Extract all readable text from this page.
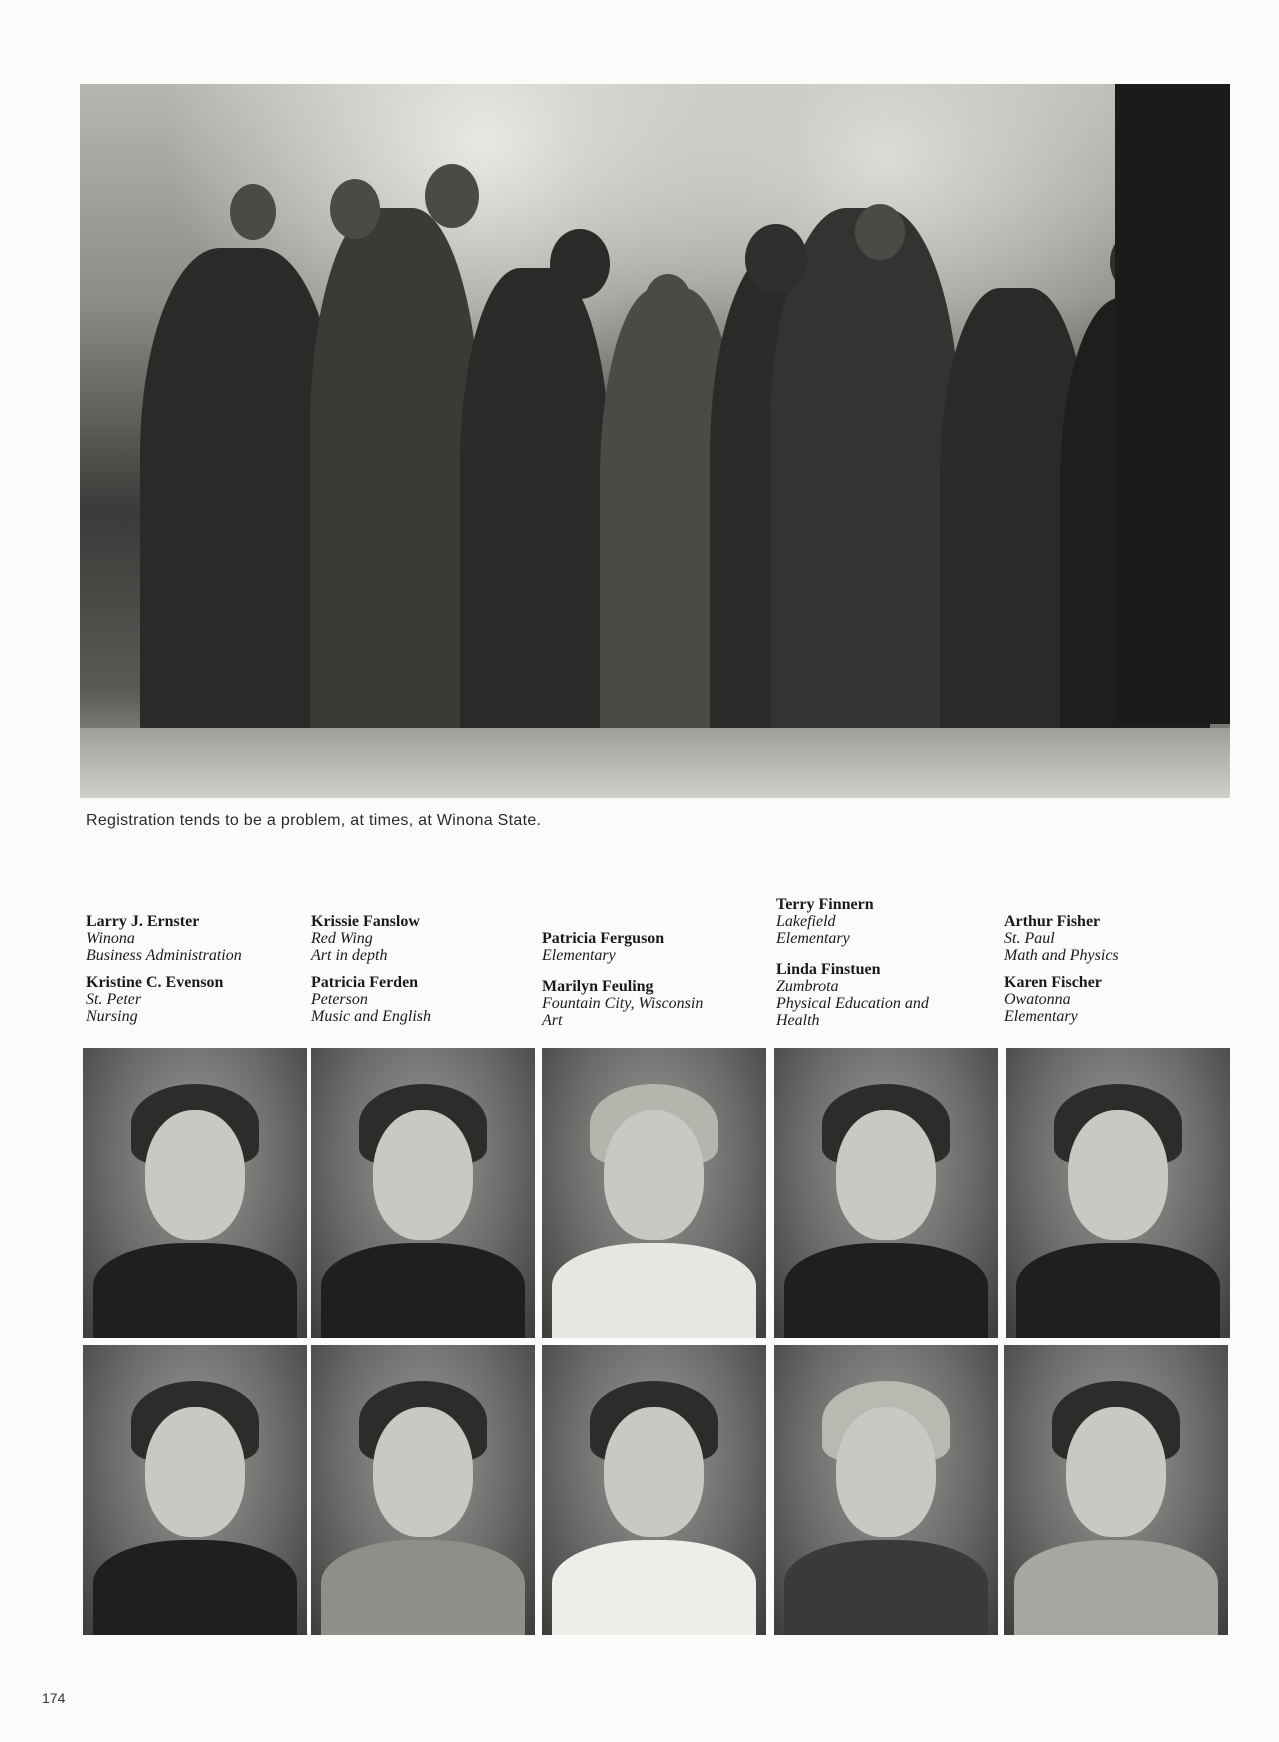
Registration tends to be a problem, at times, at Winona State.
Larry J. Ernster
Winona
Business Administration
Kristine C. Evenson
St. Peter
Nursing
Krissie Fanslow
Red Wing
Art in depth
Patricia Ferden
Peterson
Music and English
Patricia Ferguson
Elementary
Marilyn Feuling
Fountain City, Wisconsin
Art
Terry Finnern
Lakefield
Elementary
Linda Finstuen
Zumbrota
Physical Education and Health
Arthur Fisher
St. Paul
Math and Physics
Karen Fischer
Owatonna
Elementary
174
